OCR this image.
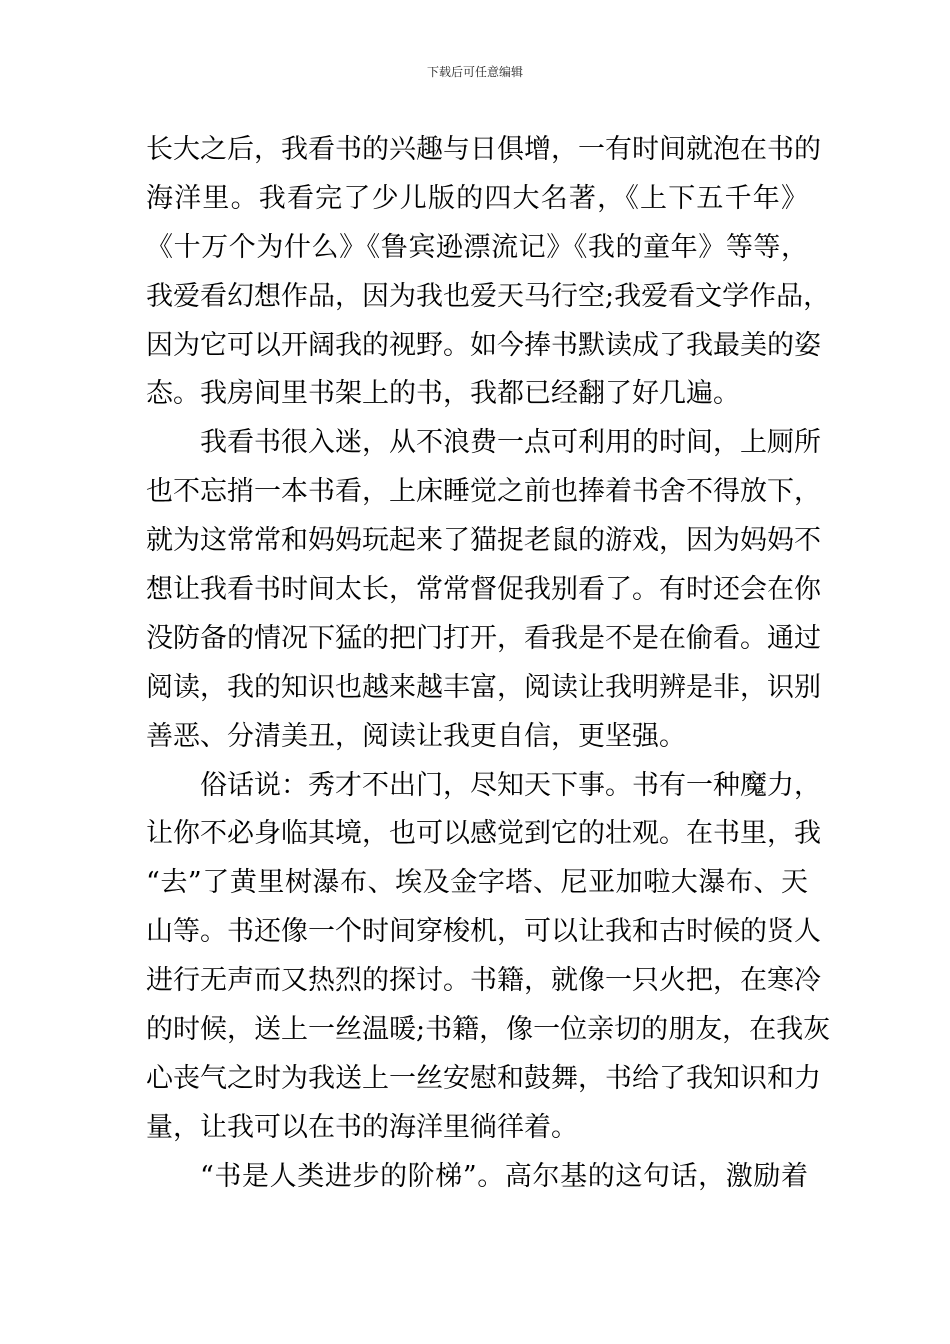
下载后可任意编辑
长大之后，我看书的兴趣与日俱增，一有时间就泡在书的
海洋里。我看完了少儿版的四大名著，《上下五千年》
《十万个为什么》《鲁宾逊漂流记》《我的童年》等等，
我爱看幻想作品，因为我也爱天马行空;我爱看文学作品，
因为它可以开阔我的视野。如今捧书默读成了我最美的姿
态。我房间里书架上的书，我都已经翻了好几遍。
我看书很入迷，从不浪费一点可利用的时间，上厕所
也不忘捎一本书看，上床睡觉之前也捧着书舍不得放下，
就为这常常和妈妈玩起来了猫捉老鼠的游戏，因为妈妈不
想让我看书时间太长，常常督促我别看了。有时还会在你
没防备的情况下猛的把门打开，看我是不是在偷看。通过
阅读，我的知识也越来越丰富，阅读让我明辨是非，识别
善恶、分清美丑，阅读让我更自信，更坚强。
俗话说：秀才不出门，尽知天下事。书有一种魔力，
让你不必身临其境，也可以感觉到它的壮观。在书里，我
“去”了黄里树瀑布、埃及金字塔、尼亚加啦大瀑布、天
山等。书还像一个时间穿梭机，可以让我和古时候的贤人
进行无声而又热烈的探讨。书籍，就像一只火把，在寒冷
的时候，送上一丝温暖;书籍，像一位亲切的朋友，在我灰
心丧气之时为我送上一丝安慰和鼓舞，书给了我知识和力
量，让我可以在书的海洋里徜徉着。
“书是人类进步的阶梯”。高尔基的这句话，激励着
